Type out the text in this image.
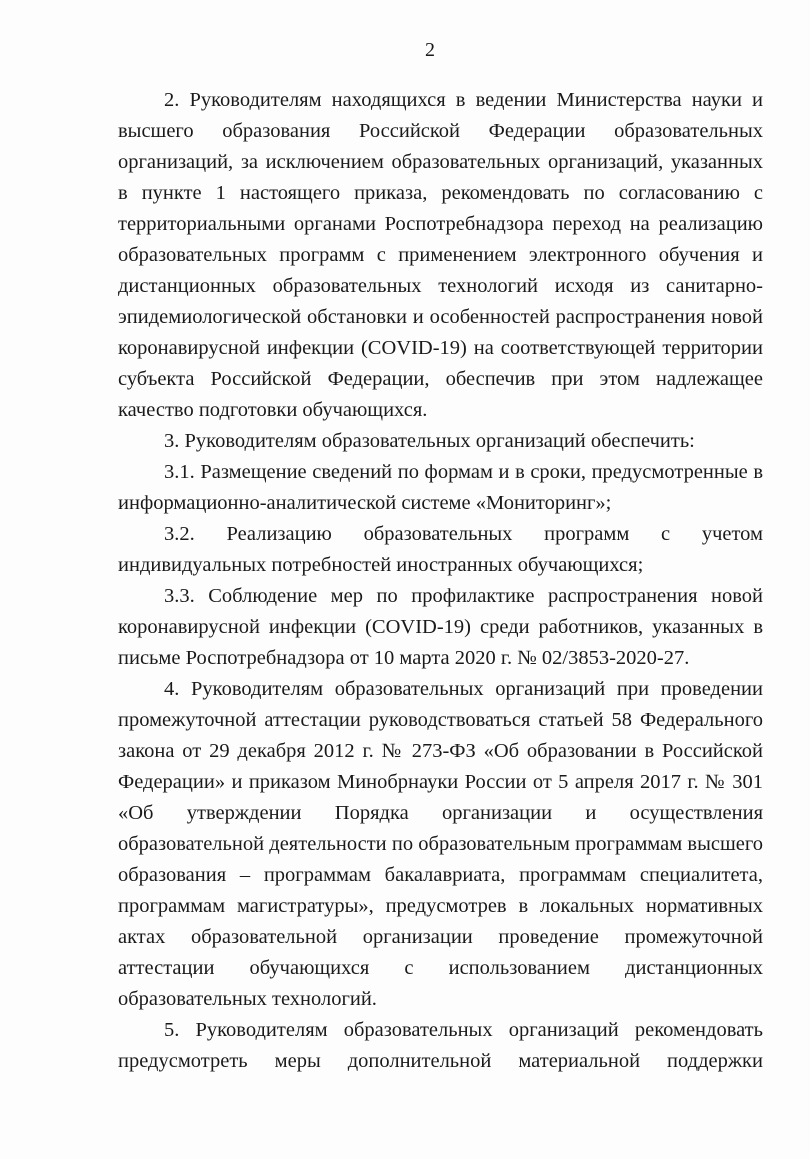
2

2. Руководителям находящихся в ведении Министерства науки и высшего образования Российской Федерации образовательных организаций, за исключением образовательных организаций, указанных в пункте 1 настоящего приказа, рекомендовать по согласованию с территориальными органами Роспотребнадзора переход на реализацию образовательных программ с применением электронного обучения и дистанционных образовательных технологий исходя из санитарно-эпидемиологической обстановки и особенностей распространения новой коронавирусной инфекции (COVID-19) на соответствующей территории субъекта Российской Федерации, обеспечив при этом надлежащее качество подготовки обучающихся.

3. Руководителям образовательных организаций обеспечить:

3.1. Размещение сведений по формам и в сроки, предусмотренные в информационно-аналитической системе «Мониторинг»;

3.2. Реализацию образовательных программ с учетом индивидуальных потребностей иностранных обучающихся;

3.3. Соблюдение мер по профилактике распространения новой коронавирусной инфекции (COVID-19) среди работников, указанных в письме Роспотребнадзора от 10 марта 2020 г. № 02/3853-2020-27.

4. Руководителям образовательных организаций при проведении промежуточной аттестации руководствоваться статьей 58 Федерального закона от 29 декабря 2012 г. № 273-ФЗ «Об образовании в Российской Федерации» и приказом Минобрнауки России от 5 апреля 2017 г. № 301 «Об утверждении Порядка организации и осуществления образовательной деятельности по образовательным программам высшего образования – программам бакалавриата, программам специалитета, программам магистратуры», предусмотрев в локальных нормативных актах образовательной организации проведение промежуточной аттестации обучающихся с использованием дистанционных образовательных технологий.

5. Руководителям образовательных организаций рекомендовать предусмотреть меры дополнительной материальной поддержки
